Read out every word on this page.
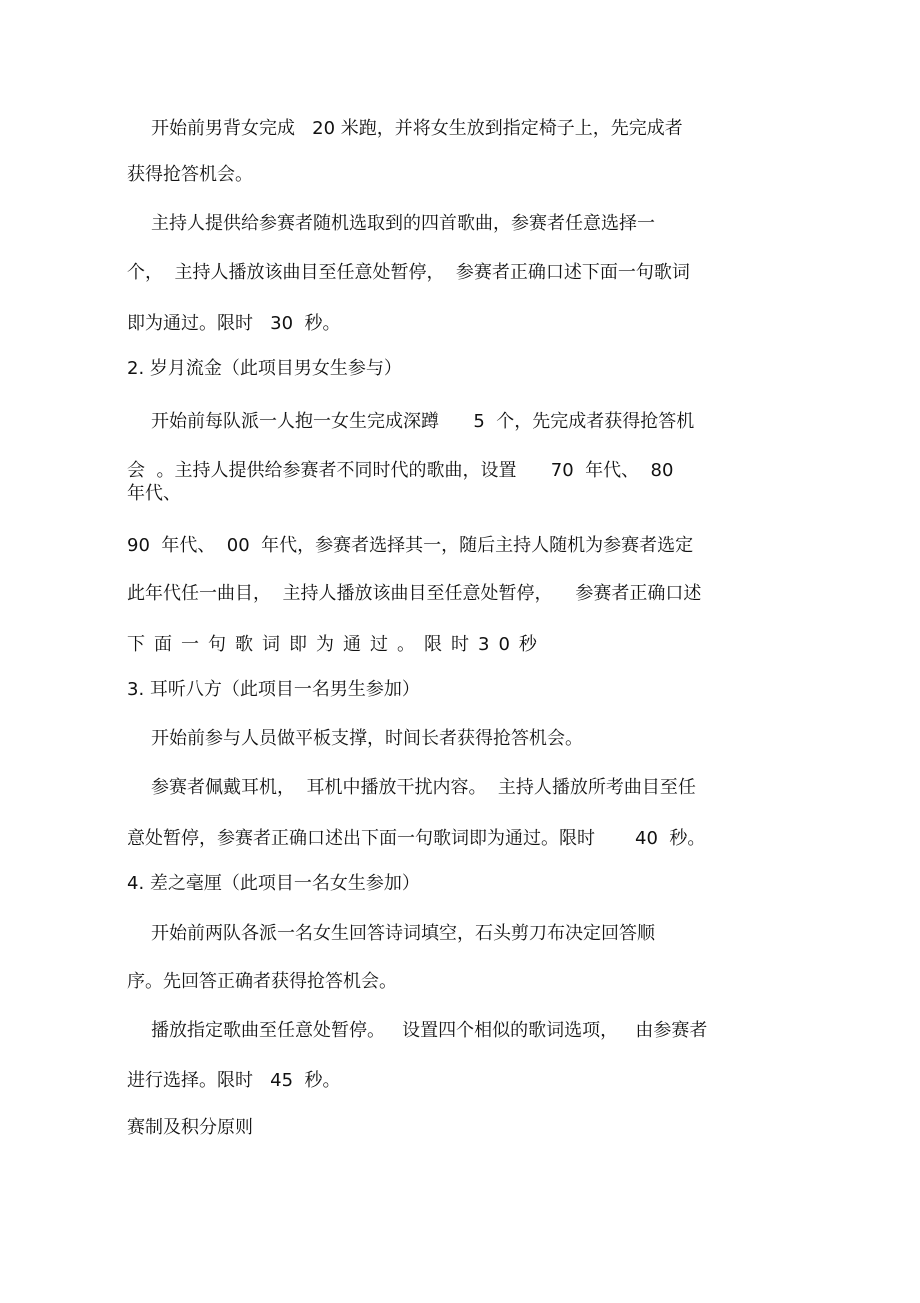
开始前男背女完成   20 米跑，并将女生放到指定椅子上，先完成者
获得抢答机会。
主持人提供给参赛者随机选取到的四首歌曲，参赛者任意选择一
个，  主持人播放该曲目至任意处暂停，  参赛者正确口述下面一句歌词
即为通过。限时   30  秒。
2. 岁月流金（此项目男女生参与）
开始前每队派一人抱一女生完成深蹲      5  个，先完成者获得抢答机
会  。主持人提供给参赛者不同时代的歌曲，设置      70  年代、  80
年代、
90  年代、  00  年代，参赛者选择其一，随后主持人随机为参赛者选定
此年代任一曲目，  主持人播放该曲目至任意处暂停，    参赛者正确口述
下面一句歌词即为通过。限时30秒
3. 耳听八方（此项目一名男生参加）
开始前参与人员做平板支撑，时间长者获得抢答机会。
参赛者佩戴耳机，  耳机中播放干扰内容。  主持人播放所考曲目至任
意处暂停，参赛者正确口述出下面一句歌词即为通过。限时       40  秒。
4. 差之毫厘（此项目一名女生参加）
开始前两队各派一名女生回答诗词填空，石头剪刀布决定回答顺
序。先回答正确者获得抢答机会。
播放指定歌曲至任意处暂停。   设置四个相似的歌词选项，   由参赛者
进行选择。限时   45  秒。
赛制及积分原则
